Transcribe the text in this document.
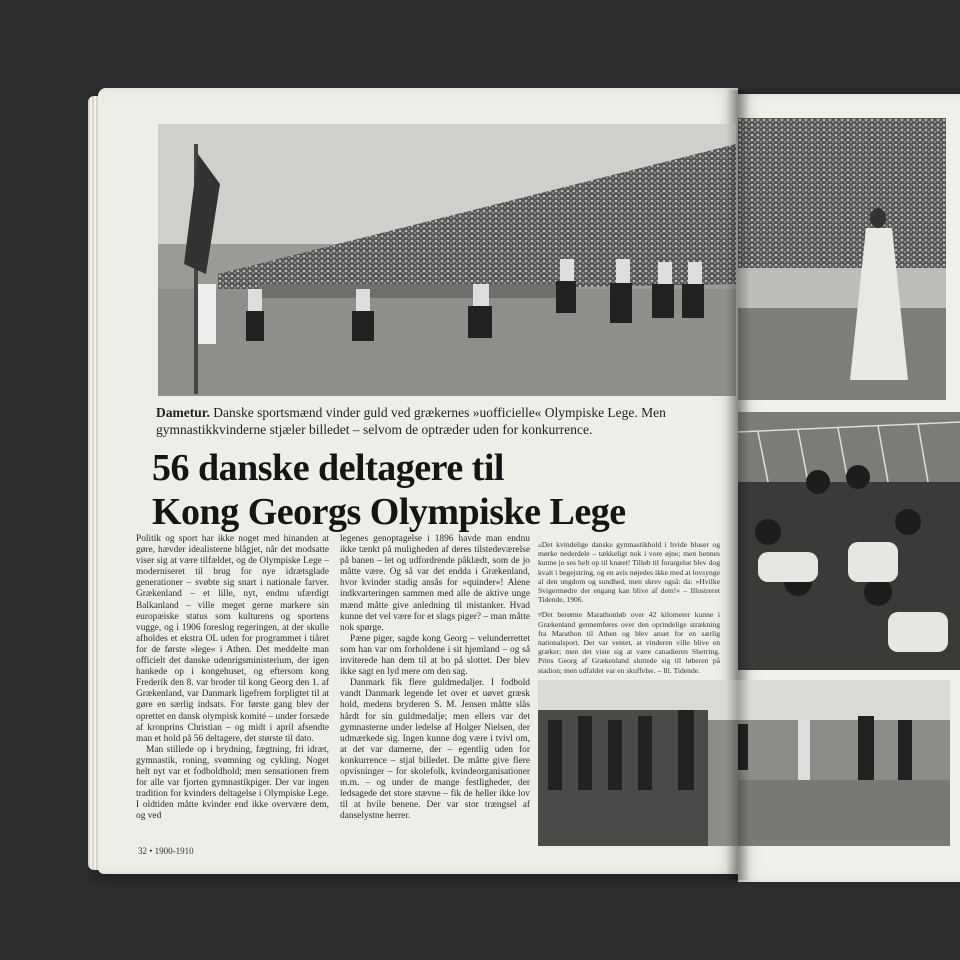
Dametur. Danske sportsmænd vinder guld ved grækernes »uofficielle« Olympiske Lege. Men gymnastikkvinderne stjæler billedet – selvom de optræder uden for konkurrence.
56 danske deltagere til
Kong Georgs Olympiske Lege

Politik og sport har ikke noget med hinanden at gøre, hævder idealisterne blågjet, når det modsatte viser sig at være tilfældet, og de Olympiske Lege – moderniseret til brug for nye idrætsglade generationer – svøbte sig snart i nationale farver. Grækenland – et lille, nyt, endnu ufærdigt Balkanland – ville meget gerne markere sin europæiske status som kulturens og sportens vugge, og i 1906 foreslog regeringen, at der skulle afholdes et ekstra OL uden for programmet i tiåret for de første »lege« i Athen. Det meddelte man officielt det danske udenrigsministerium, der igen hankede op i kongehuset, og eftersom kong Frederik den 8. var broder til kong Georg den 1. af Grækenland, var Danmark ligefrem forpligtet til at gøre en særlig indsats. For første gang blev der oprettet en dansk olympisk komité – under forsæde af kronprins Christian – og midt i april afsendte man et hold på 56 deltagere, det største til dato.

Man stillede op i brydning, fægtning, fri idræt, gymnastik, roning, svømning og cykling. Noget helt nyt var et fodboldhold; men sensationen frem for alle var fjorten gymnastikpiger. Der var ingen tradition for kvinders deltagelse i Olympiske Lege. I oldtiden måtte kvinder end ikke overvære dem, og ved

legenes genoptagelse i 1896 havde man endnu ikke tænkt på muligheden af deres tilstedeværelse på banen – let og udfordrende påklædt, som de jo måtte være. Og så var det endda i Grækenland, hvor kvinder stadig ansås for »quinder«! Alene indkvarteringen sammen med alle de aktive unge mænd måtte give anledning til mistanker. Hvad kunne det vel være for et slags piger? – man måtte nok spørge.

Pæne piger, sagde kong Georg – velunderrettet som han var om forholdene i sit hjemland – og så inviterede han dem til at bo på slottet. Der blev ikke sagt en lyd mere om den sag.

Danmark fik flere guldmedaljer. I fodbold vandt Danmark legende let over et uøvet græsk hold, medens bryderen S. M. Jensen måtte slås hårdt for sin guldmedalje; men ellers var det gymnasterne under ledelse af Holger Nielsen, der udmærkede sig. Ingen kunne dog være i tvivl om, at det var damerne, der – egentlig uden for konkurrence – stjal billedet. De måtte give flere opvisninger – for skolefolk, kvindeorganisationer m.m. – og under de mange festligheder, der ledsagede det store stævne – fik de heller ikke lov til at hvile benene. Der var stor trængsel af danselystne herrer.

▵Det kvindelige danske gymnastikhold i hvide bluser og mørke nederdele – tækkeligt nok i vore øjne; men hennes kunne jo ses helt op til knæet! Tilløb til forargelse blev dog kvalt i begejstring, og en avis nøjedes ikke med at lovsynge al den ungdom og sundhed, men skrev også: da: »Hvilke Svigermødre der engang kan blive af dem!« – Illustreret Tidende, 1906.

▿Det berømte Marathonløb over 42 kilometer kunne i Grækenland gennemføres over den oprindelige strækning fra Marathon til Athen og blev anset for en særlig nationalsport. Det var ventet, at vinderen ville blive en græker; men det viste sig at være canadieren Sherring. Prins Georg af Grækenland sluttede sig til løberen på stadion; men udfaldet var en skuffelse. – Ill. Tidende.

32 • 1900-1910
